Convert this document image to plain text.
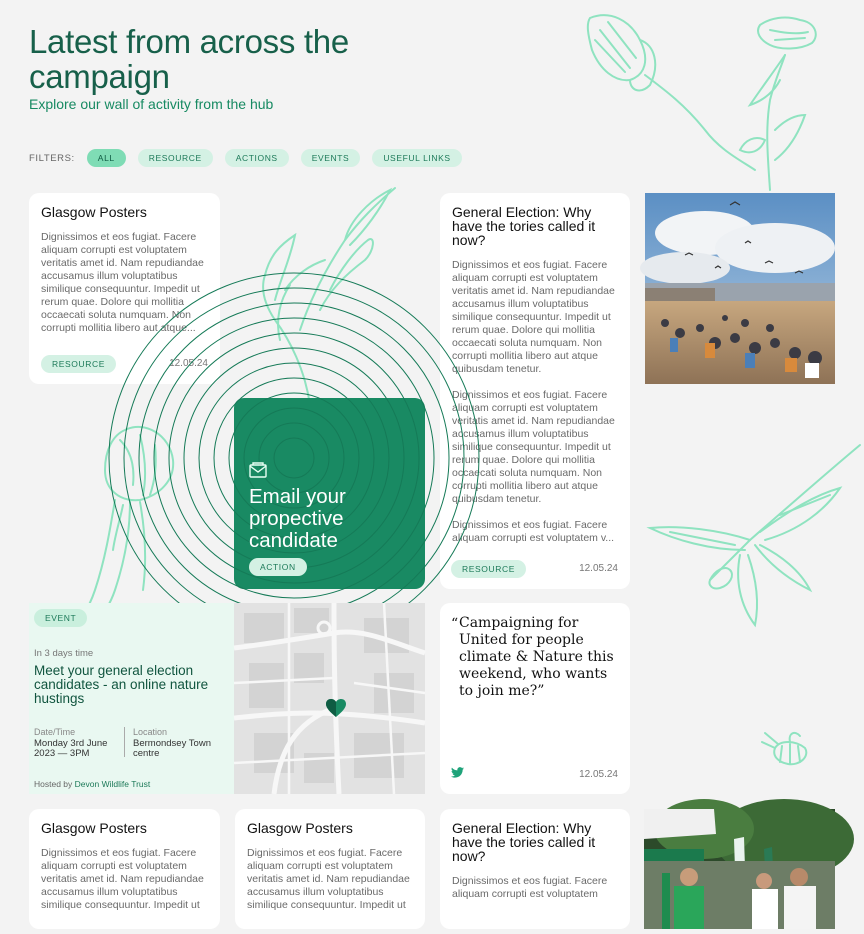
Latest from across the campaign
Explore our wall of activity from the hub
FILTERS:	ALL	RESOURCE	ACTIONS	EVENTS	USEFUL LINKS
Glasgow Posters

Dignissimos et eos fugiat. Facere aliquam corrupti est voluptatem veritatis amet id. Nam repudiandae accusamus illum voluptatibus similique consequuntur. Impedit ut rerum quae. Dolore qui mollitia occaecati soluta numquam. Non corrupti mollitia libero aut atque...

RESOURCE	12.05.24
General Election: Why have the tories called it now?

Dignissimos et eos fugiat. Facere aliquam corrupti est voluptatem veritatis amet id. Nam repudiandae accusamus illum voluptatibus similique consequuntur. Impedit ut rerum quae. Dolore qui mollitia occaecati soluta numquam. Non corrupti mollitia libero aut atque quibusdam tenetur.

Dignissimos et eos fugiat. Facere aliquam corrupti est voluptatem veritatis amet id. Nam repudiandae accusamus illum voluptatibus similique consequuntur. Impedit ut rerum quae. Dolore qui mollitia occaecati soluta numquam. Non corrupti mollitia libero aut atque quibusdam tenetur.

Dignissimos et eos fugiat. Facere aliquam corrupti est voluptatem v...

RESOURCE	12.05.24
Email your propective candidate
ACTION
EVENT
In 3 days time
Meet your general election candidates - an online nature hustings
Date/Time
Monday 3rd June 2023 — 3PM
Location
Bermondsey Town centre
Hosted by Devon Wildlife Trust
“ Campaigning for United for people climate & Nature this weekend, who wants to join me?”
12.05.24
Glasgow Posters

Dignissimos et eos fugiat. Facere aliquam corrupti est voluptatem veritatis amet id. Nam repudiandae accusamus illum voluptatibus similique consequuntur. Impedit ut

Glasgow Posters

Dignissimos et eos fugiat. Facere aliquam corrupti est voluptatem veritatis amet id. Nam repudiandae accusamus illum voluptatibus similique consequuntur. Impedit ut

General Election: Why have the tories called it now?

Dignissimos et eos fugiat. Facere aliquam corrupti est voluptatem
